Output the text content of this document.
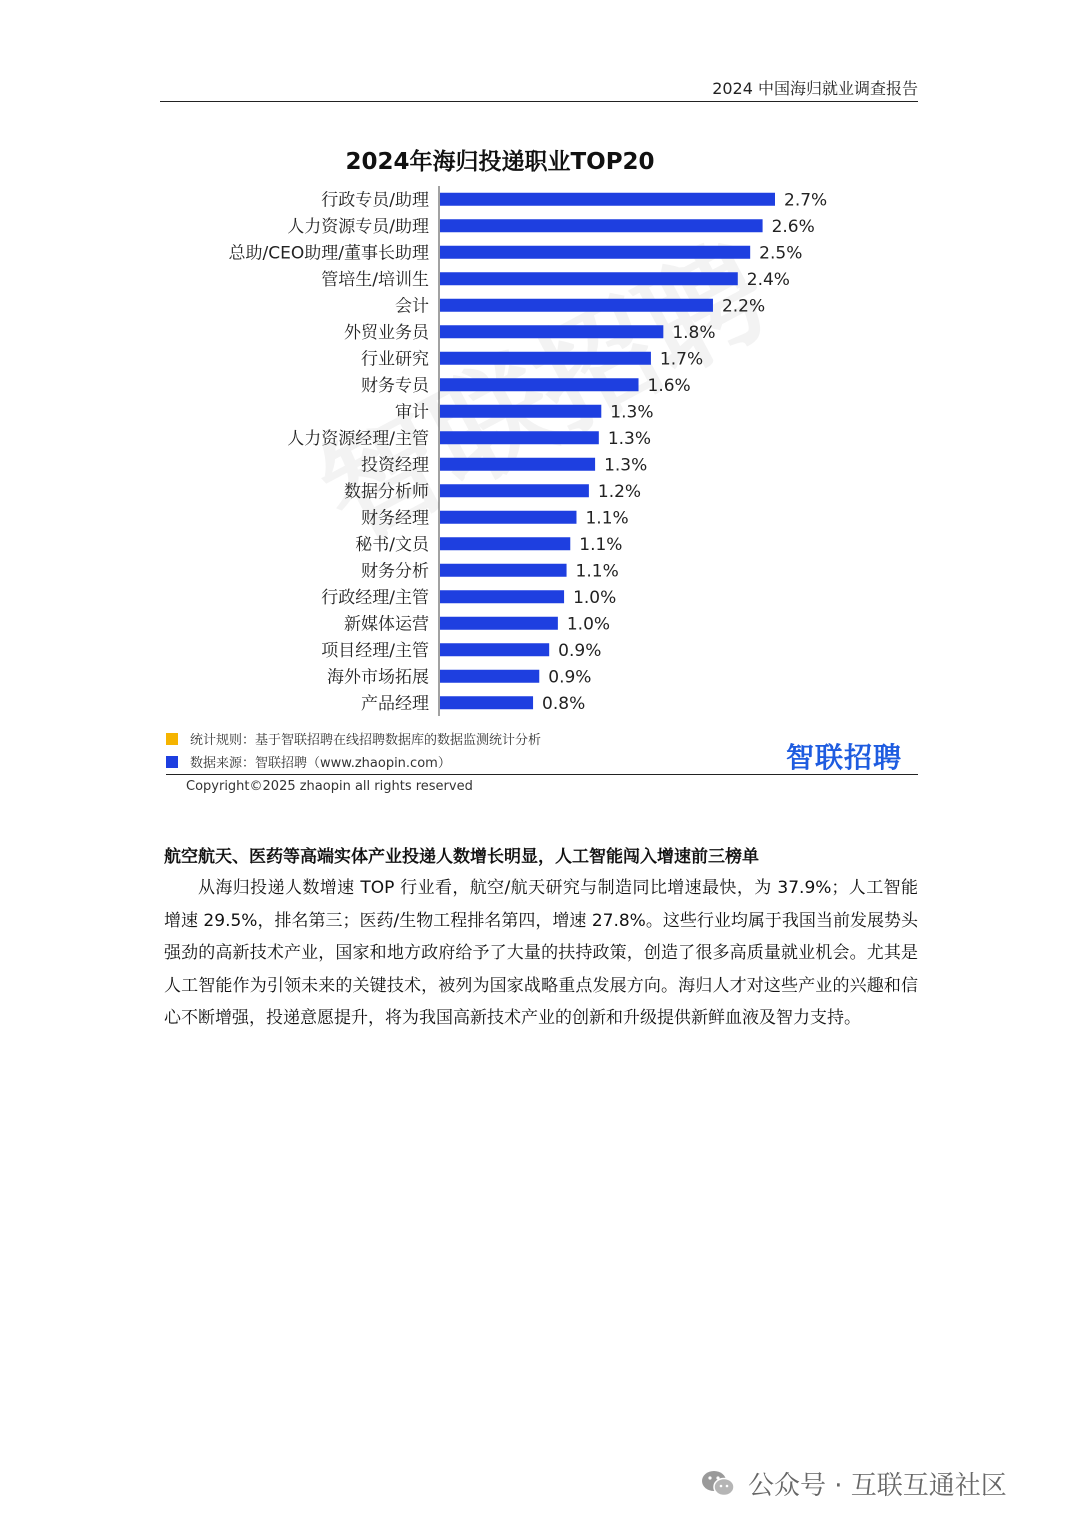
2024 中国海归就业调查报告
2024年海归投递职业TOP20
行政专员/助理
人力资源专员/助理
总助/CEO助理/董事长助理
管培生/培训生
会计
外贸业务员
行业研究
财务专员
审计
人力资源经理/主管
投资经理
数据分析师
财务经理
秘书/文员
财务分析
行政经理/主管
新媒体运营
项目经理/主管
海外市场拓展
产品经理
2.7%
2.6%
2.5%
2.4%
2.2%
1.8%
1.7%
1.6%
1.3%
1.3%
1.3%
1.2%
1.1%
1.1%
1.1%
1.0%
1.0%
0.9%
0.9%
0.8%
统计规则：基于智联招聘在线招聘数据库的数据监测统计分析
数据来源：智联招聘（www.zhaopin.com）	智联招聘
Copyright©2025 zhaopin all rights reserved
航空航天、医药等高端实体产业投递人数增长明显，人工智能闯入增速前三榜单

从海归投递人数增速 TOP 行业看，航空/航天研究与制造同比增速最快，为 37.9%；人工智能增速 29.5%，排名第三；医药/生物工程排名第四，增速 27.8%。这些行业均属于我国当前发展势头强劲的高新技术产业，国家和地方政府给予了大量的扶持政策，创造了很多高质量就业机会。尤其是人工智能作为引领未来的关键技术，被列为国家战略重点发展方向。海归人才对这些产业的兴趣和信心不断增强，投递意愿提升，将为我国高新技术产业的创新和升级提供新鲜血液及智力支持。

公众号 · 互联互通社区
